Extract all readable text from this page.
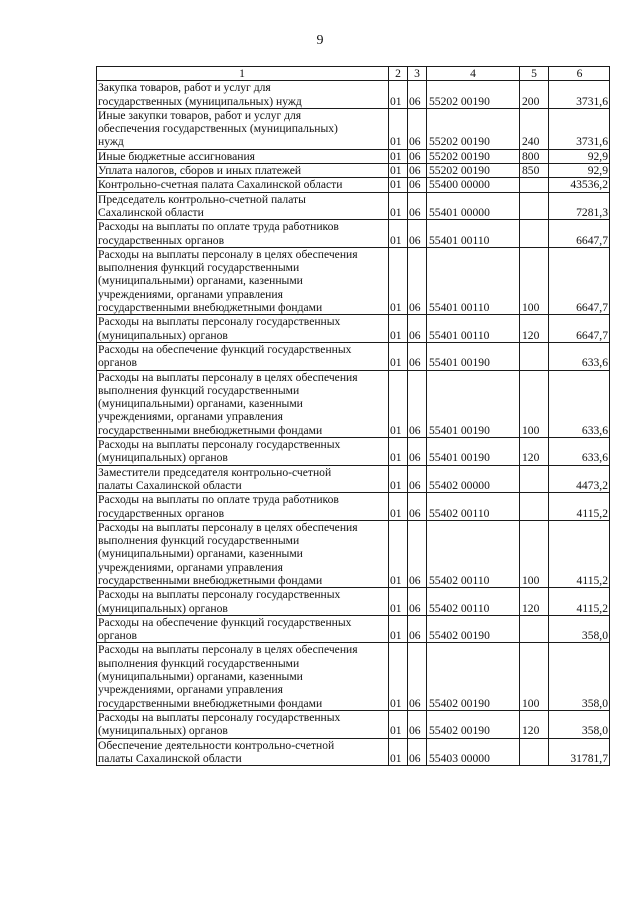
9
1	2	3	4	5	6

Закупка товаров, работ и услуг для
государственных (муниципальных) нужд	01	06	55202 00190	200	3731,6

Иные закупки товаров, работ и услуг для
обеспечения государственных (муниципальных)
нужд	01	06	55202 00190	240	3731,6

Иные бюджетные ассигнования	01	06	55202 00190	800	92,9

Уплата налогов, сборов и иных платежей	01	06	55202 00190	850	92,9

Контрольно-счетная палата Сахалинской области	01	06	55400 00000		43536,2

Председатель контрольно-счетной палаты
Сахалинской области	01	06	55401 00000		7281,3

Расходы на выплаты по оплате труда работников
государственных органов	01	06	55401 00110		6647,7

Расходы на выплаты персоналу в целях обеспечения
выполнения функций государственными
(муниципальными) органами, казенными
учреждениями, органами управления
государственными внебюджетными фондами	01	06	55401 00110	100	6647,7

Расходы на выплаты персоналу государственных
(муниципальных) органов	01	06	55401 00110	120	6647,7

Расходы на обеспечение функций государственных
органов	01	06	55401 00190		633,6

Расходы на выплаты персоналу в целях обеспечения
выполнения функций государственными
(муниципальными) органами, казенными
учреждениями, органами управления
государственными внебюджетными фондами	01	06	55401 00190	100	633,6

Расходы на выплаты персоналу государственных
(муниципальных) органов	01	06	55401 00190	120	633,6

Заместители председателя контрольно-счетной
палаты Сахалинской области	01	06	55402 00000		4473,2

Расходы на выплаты по оплате труда работников
государственных органов	01	06	55402 00110		4115,2

Расходы на выплаты персоналу в целях обеспечения
выполнения функций государственными
(муниципальными) органами, казенными
учреждениями, органами управления
государственными внебюджетными фондами	01	06	55402 00110	100	4115,2

Расходы на выплаты персоналу государственных
(муниципальных) органов	01	06	55402 00110	120	4115,2

Расходы на обеспечение функций государственных
органов	01	06	55402 00190		358,0

Расходы на выплаты персоналу в целях обеспечения
выполнения функций государственными
(муниципальными) органами, казенными
учреждениями, органами управления
государственными внебюджетными фондами	01	06	55402 00190	100	358,0

Расходы на выплаты персоналу государственных
(муниципальных) органов	01	06	55402 00190	120	358,0

Обеспечение деятельности контрольно-счетной
палаты Сахалинской области	01	06	55403 00000		31781,7
